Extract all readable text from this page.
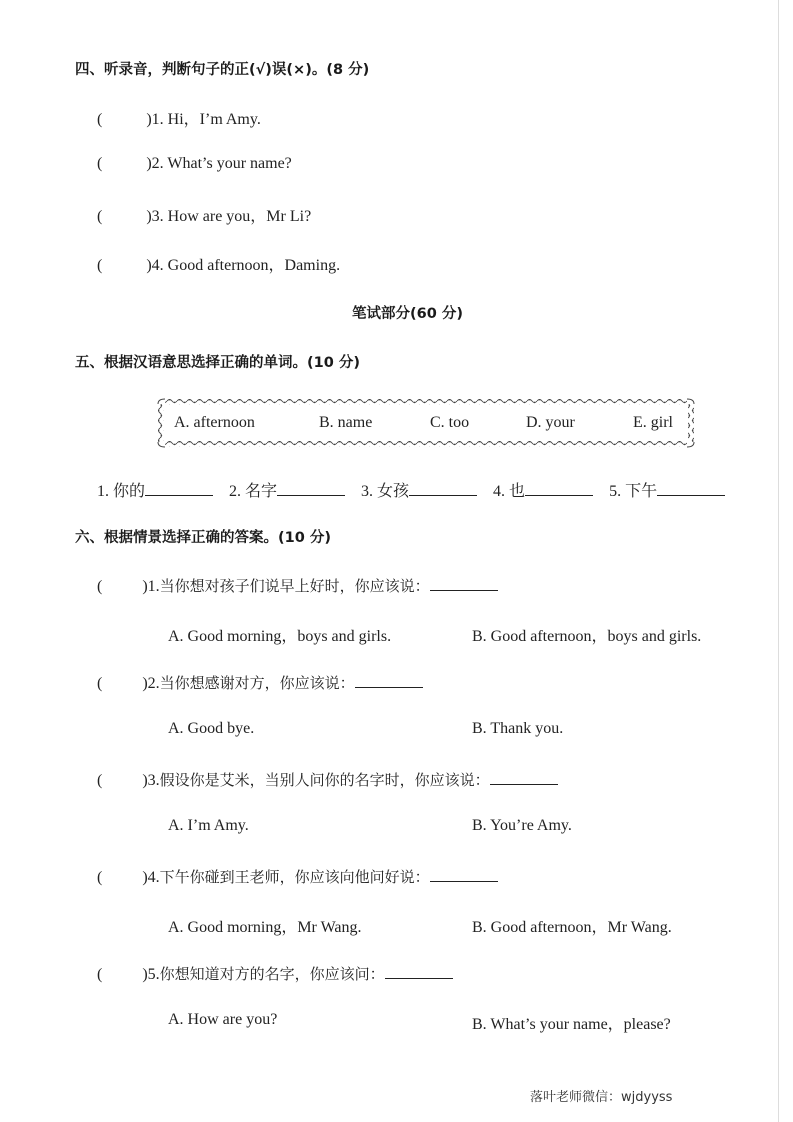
四、听录音，判断句子的正(√)误(×)。(8 分)
(	)1. Hi，I’m Amy.
(	)2. What’s your name?
(	)3. How are you，Mr Li?
(	)4. Good afternoon，Daming.
笔试部分(60 分)
五、根据汉语意思选择正确的单词。(10 分)
A. afternoon	B. name	C. too	D. your	E. girl
1. 你的	2. 名字	3. 女孩	4. 也	5. 下午
六、根据情景选择正确的答案。(10 分)
(	)1.当你想对孩子们说早上好时，你应该说：
A. Good morning，boys and girls.	B. Good afternoon，boys and girls.
(	)2.当你想感谢对方，你应该说：
A. Good bye.	B. Thank you.
(	)3.假设你是艾米，当别人问你的名字时，你应该说：
A. I’m Amy.	B. You’re Amy.
(	)4.下午你碰到王老师，你应该向他问好说：
A. Good morning，Mr Wang.	B. Good afternoon，Mr Wang.
(	)5.你想知道对方的名字，你应该问：
A. How are you?	B. What’s your name，please?
落叶老师微信：wjdyyss
